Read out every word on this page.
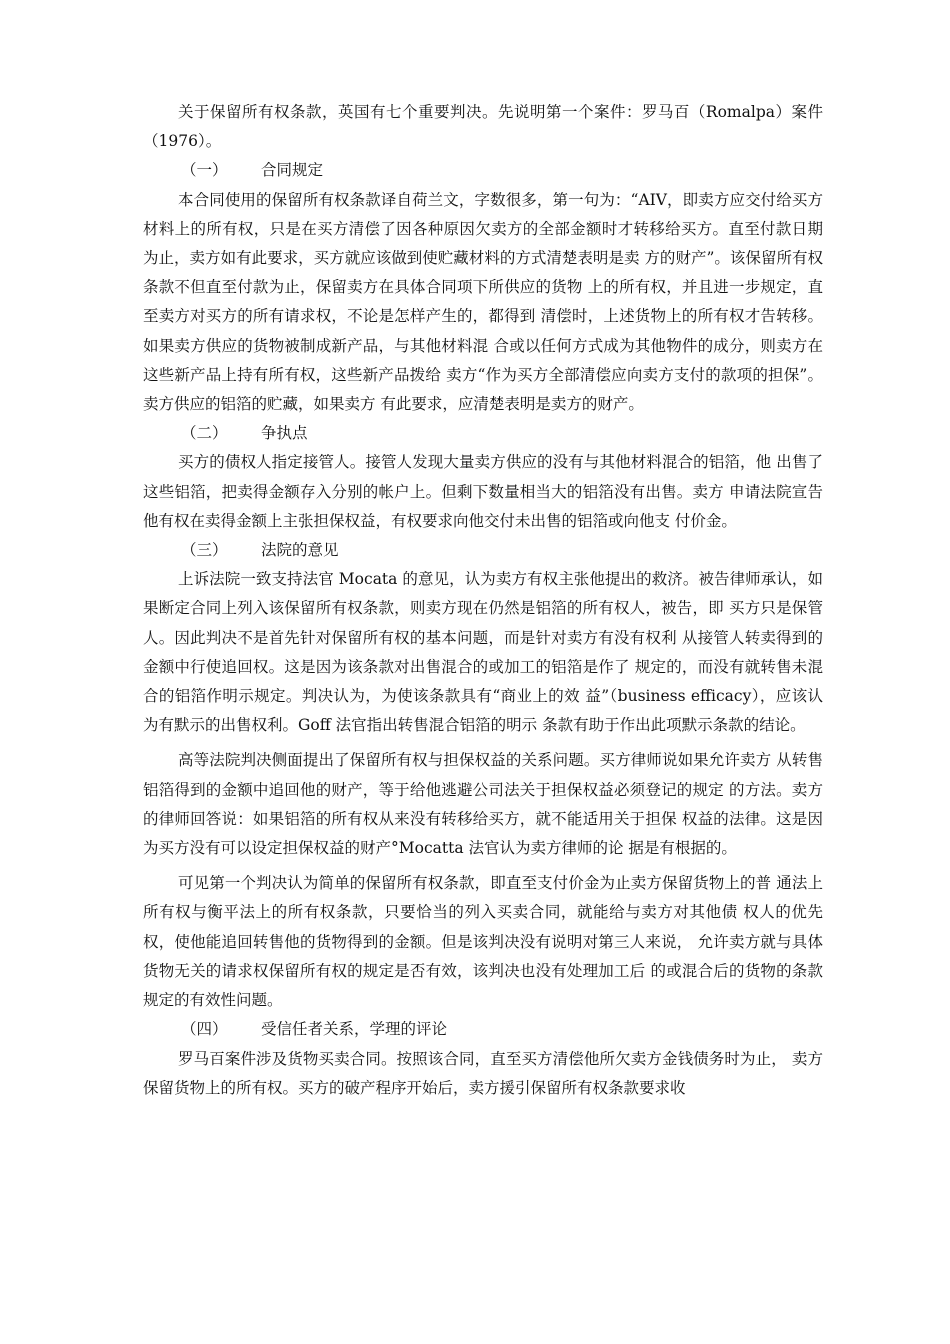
关于保留所有权条款，英国有七个重要判决。先说明第一个案件：罗马百（Romalpa）案件（1976）。

（一） 合同规定

本合同使用的保留所有权条款译自荷兰文，字数很多，第一句为：“AIV，即卖方应交付给买方材料上的所有权，只是在买方清偿了因各种原因欠卖方的全部金额时才转移给买方。直至付款日期为止，卖方如有此要求，买方就应该做到使贮藏材料的方式清楚表明是卖 方的财产”。该保留所有权条款不但直至付款为止，保留卖方在具体合同项下所供应的货物 上的所有权，并且进一步规定，直至卖方对买方的所有请求权，不论是怎样产生的，都得到 清偿时，上述货物上的所有权才告转移。如果卖方供应的货物被制成新产品，与其他材料混 合或以任何方式成为其他物件的成分，则卖方在这些新产品上持有所有权，这些新产品拨给 卖方“作为买方全部清偿应向卖方支付的款项的担保”。卖方供应的铝箔的贮藏，如果卖方 有此要求，应清楚表明是卖方的财产。

（二） 争执点

买方的债权人指定接管人。接管人发现大量卖方供应的没有与其他材料混合的铝箔，他 出售了这些铝箔，把卖得金额存入分别的帐户上。但剩下数量相当大的铝箔没有出售。卖方 申请法院宣告他有权在卖得金额上主张担保权益，有权要求向他交付未出售的铝箔或向他支 付价金。

（三） 法院的意见

上诉法院一致支持法官 Mocata 的意见，认为卖方有权主张他提出的救济。被告律师承认，如果断定合同上列入该保留所有权条款，则卖方现在仍然是铝箔的所有权人，被告，即 买方只是保管人。因此判决不是首先针对保留所有权的基本问题，而是针对卖方有没有权利 从接管人转卖得到的金额中行使追回权。这是因为该条款对出售混合的或加工的铝箔是作了 规定的，而没有就转售未混合的铝箔作明示规定。判决认为，为使该条款具有“商业上的效 益”（business efficacy），应该认为有默示的出售权利。Goff 法官指出转售混合铝箔的明示 条款有助于作出此项默示条款的结论。

高等法院判决侧面提出了保留所有权与担保权益的关系问题。买方律师说如果允许卖方 从转售铝箔得到的金额中追回他的财产，等于给他逃避公司法关于担保权益必须登记的规定 的方法。卖方的律师回答说：如果铝箔的所有权从来没有转移给买方，就不能适用关于担保 权益的法律。这是因为买方没有可以设定担保权益的财产°Mocatta 法官认为卖方律师的论 据是有根据的。

可见第一个判决认为简单的保留所有权条款，即直至支付价金为止卖方保留货物上的普 通法上所有权与衡平法上的所有权条款，只要恰当的列入买卖合同，就能给与卖方对其他债 权人的优先权，使他能追回转售他的货物得到的金额。但是该判决没有说明对第三人来说， 允许卖方就与具体货物无关的请求权保留所有权的规定是否有效，该判决也没有处理加工后 的或混合后的货物的条款规定的有效性问题。

（四） 受信任者关系，学理的评论

罗马百案件涉及货物买卖合同。按照该合同，直至买方清偿他所欠卖方金钱债务时为止， 卖方保留货物上的所有权。买方的破产程序开始后，卖方援引保留所有权条款要求收
